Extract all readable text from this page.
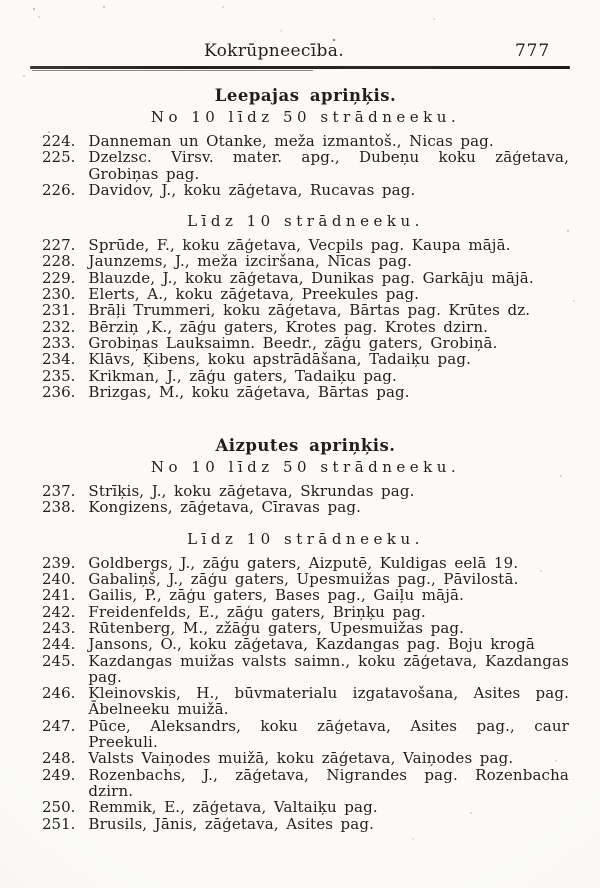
Kokrūpneecība.	777
Leepajas apriņķis.
No 10 līdz 50 strādneeku.
224. Danneman un Otanke, meža izmantoš., Nicas pag.
225. Dzelzsc. Virsv. mater. apg., Dubeņu koku zāģetava, Grobiņas pag.
226. Davidov, J., koku zāģetava, Rucavas pag.
Līdz 10 strādneeku.
227. Sprūde, F., koku zāģetava, Vecpils pag. Kaupa mājā.
228. Jaunzems, J., meža izciršana, Nīcas pag.
229. Blauzde, J., koku zāģetava, Dunikas pag. Garkāju mājā.
230. Elerts, A., koku zāģetava, Preekules pag.
231. Brāļi Trummeri, koku zāģetava, Bārtas pag. Krūtes dz.
232. Bērziņ ,K., zāģu gaters, Krotes pag. Krotes dzirn.
233. Grobiņas Lauksaimn. Beedr., zāģu gaters, Grobiņā.
234. Klāvs, Ķibens, koku apstrādāšana, Tadaiķu pag.
235. Krikman, J., zāģu gaters, Tadaiķu pag.
236. Brizgas, M., koku zāģetava, Bārtas pag.
Aizputes apriņķis.
No 10 līdz 50 strādneeku.
237. Strīķis, J., koku zāģetava, Skrundas pag.
238. Kongizens, zāģetava, Cīravas pag.
Līdz 10 strādneeku.
239. Goldbergs, J., zāģu gaters, Aizputē, Kuldigas eelā 19.
240. Gabaliņš, J., zāģu gaters, Upesmuižas pag., Pāvilostā.
241. Gailis, P., zāģu gaters, Bases pag., Gaiļu mājā.
242. Freidenfelds, E., zāģu gaters, Briņķu pag.
243. Rūtenberg, M., zžāģu gaters, Upesmuižas pag.
244. Jansons, O., koku zāģetava, Kazdangas pag. Boju krogā
245. Kazdangas muižas valsts saimn., koku zāģetava, Kazdangas pag.
246. Kleinovskis, H., būvmaterialu izgatavošana, Asites pag. Ābelneeku muižā.
247. Pūce, Aleksandrs, koku zāģetava, Asites pag., caur Preekuli.
248. Valsts Vaiņodes muižā, koku zāģetava, Vaiņodes pag.
249. Rozenbachs, J., zāģetava, Nigrandes pag. Rozenbacha dzirn.
250. Remmik, E., zāģetava, Valtaiķu pag.
251. Brusils, Jānis, zāģetava, Asites pag.
